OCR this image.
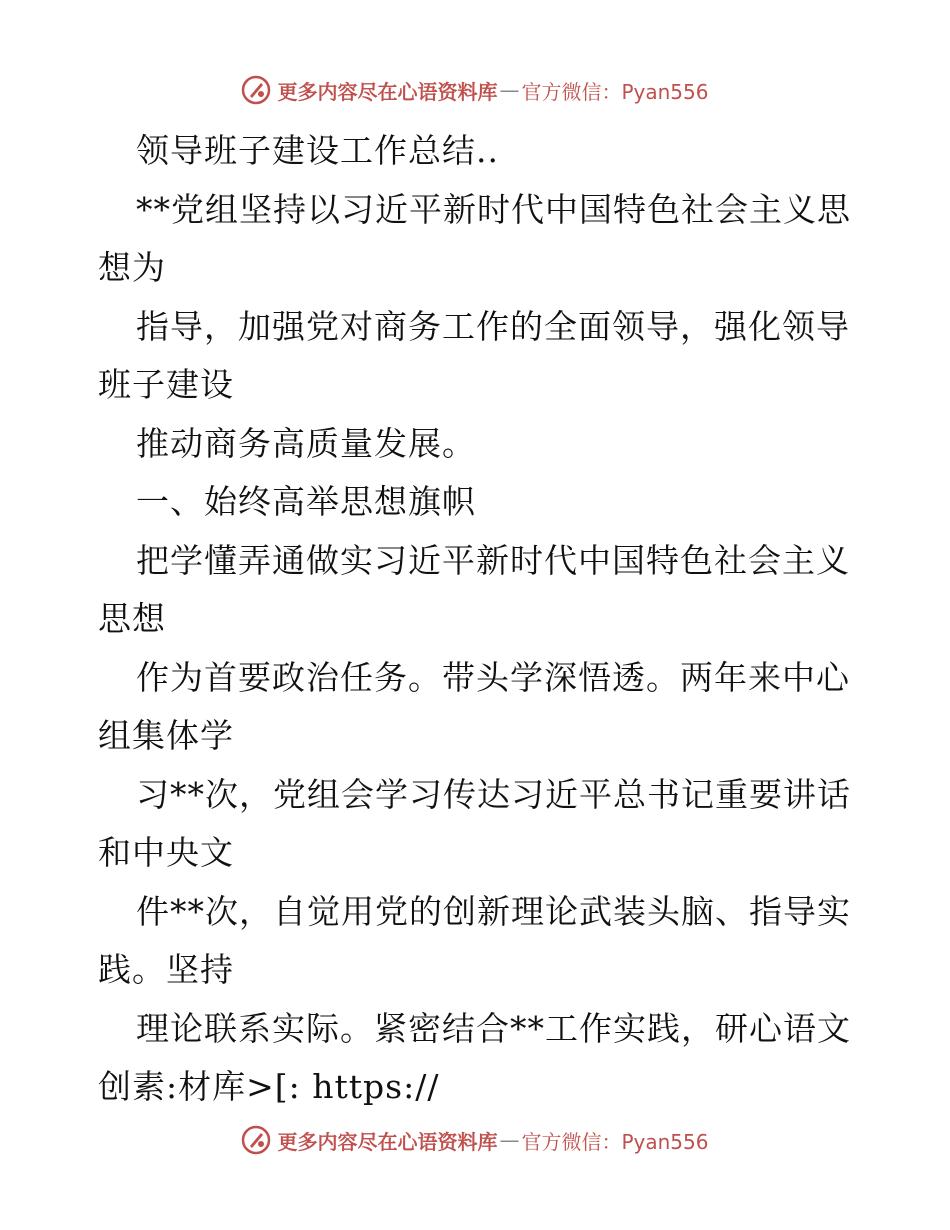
更多内容尽在心语资料库 — 官方微信：Pyan556

领导班子建设工作总结..

**党组坚持以习近平新时代中国特色社会主义思想为

指导，加强党对商务工作的全面领导，强化领导班子建设

推动商务高质量发展。

一、始终高举思想旗帜

把学懂弄通做实习近平新时代中国特色社会主义思想

作为首要政治任务。带头学深悟透。两年来中心组集体学

习**次，党组会学习传达习近平总书记重要讲话和中央文

件**次，自觉用党的创新理论武装头脑、指导实践。坚持

理论联系实际。紧密结合**工作实践，研心语文创素:材库>[: https://

更多内容尽在心语资料库 — 官方微信：Pyan556
